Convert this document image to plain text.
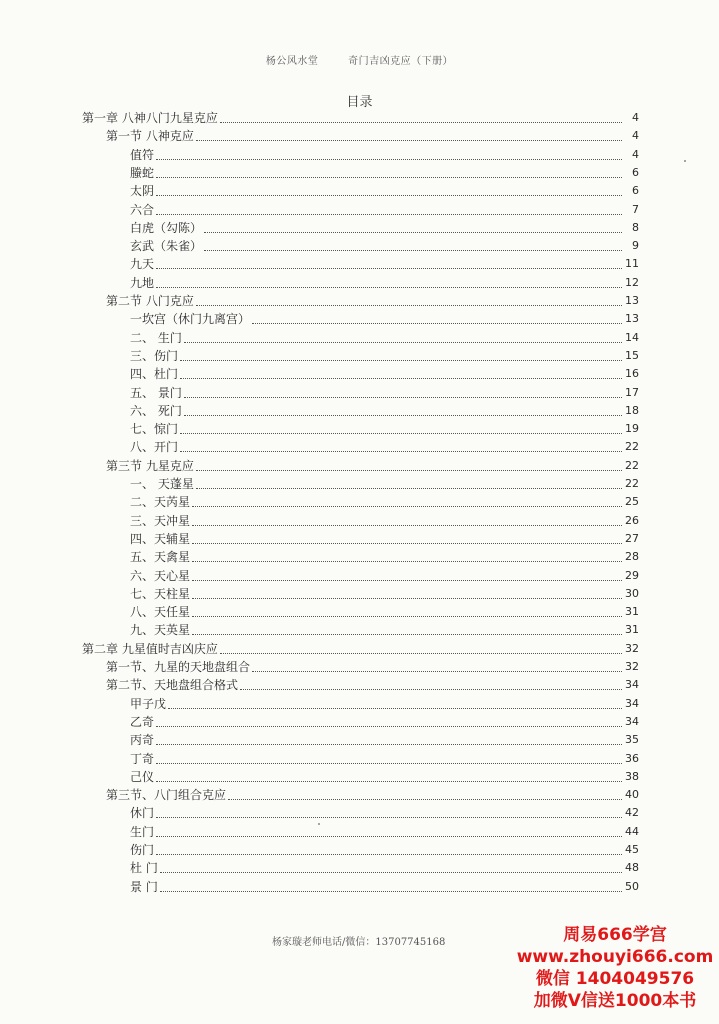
杨公风水堂	奇门吉凶克应（下册）
目录
第一章 八神八门九星克应	4
第一节 八神克应	4
值符	4
螣蛇	6
太阴	6
六合	7
白虎（勾陈）	8
玄武（朱雀）	9
九天	11
九地	12
第二节 八门克应	13
一坎宫（休门九离宫）	13
二、 生门	14
三、伤门	15
四、杜门	16
五、 景门	17
六、 死门	18
七、惊门	19
八、开门	22
第三节 九星克应	22
一、 天蓬星	22
二、天芮星	25
三、天冲星	26
四、天辅星	27
五、天禽星	28
六、天心星	29
七、天柱星	30
八、天任星	31
九、天英星	31
第二章 九星值时吉凶庆应	32
第一节、九星的天地盘组合	32
第二节、天地盘组合格式	34
甲子戊	34
乙奇	34
丙奇	35
丁奇	36
己仪	38
第三节、八门组合克应	40
休门	42
生门	44
伤门	45
杜 门	48
景 门	50
杨家璇老师电话/微信：13707745168	周易666学宫
www.zhouyi666.com
微信 1404049576
加微V信送1000本书
